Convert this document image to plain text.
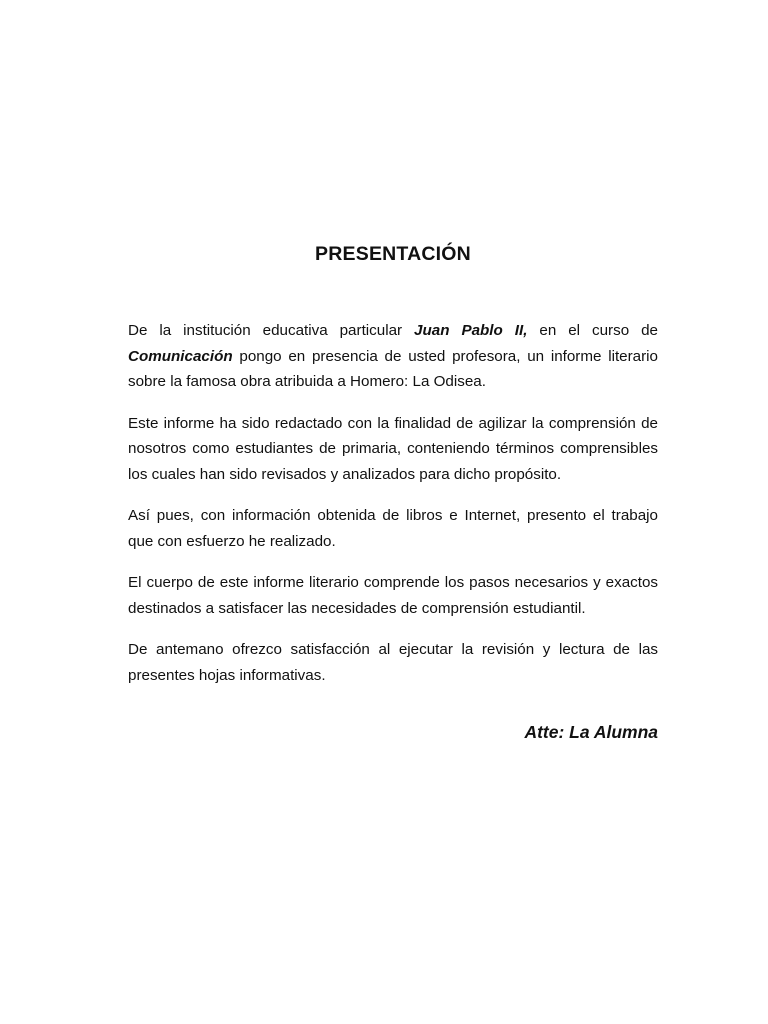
PRESENTACIÓN

De la institución educativa particular Juan Pablo II, en el curso de Comunicación pongo en presencia de usted profesora, un informe literario sobre la famosa obra atribuida a Homero: La Odisea.

Este informe ha sido redactado con la finalidad de agilizar la comprensión de nosotros como estudiantes de primaria, conteniendo términos comprensibles los cuales han sido revisados y analizados para dicho propósito.

Así pues, con información obtenida de libros e Internet, presento el trabajo que con esfuerzo he realizado.

El cuerpo de este informe literario comprende los pasos necesarios y exactos destinados a satisfacer las necesidades de comprensión estudiantil.

De antemano ofrezco satisfacción al ejecutar la revisión y lectura de las presentes hojas informativas.

Atte: La Alumna
